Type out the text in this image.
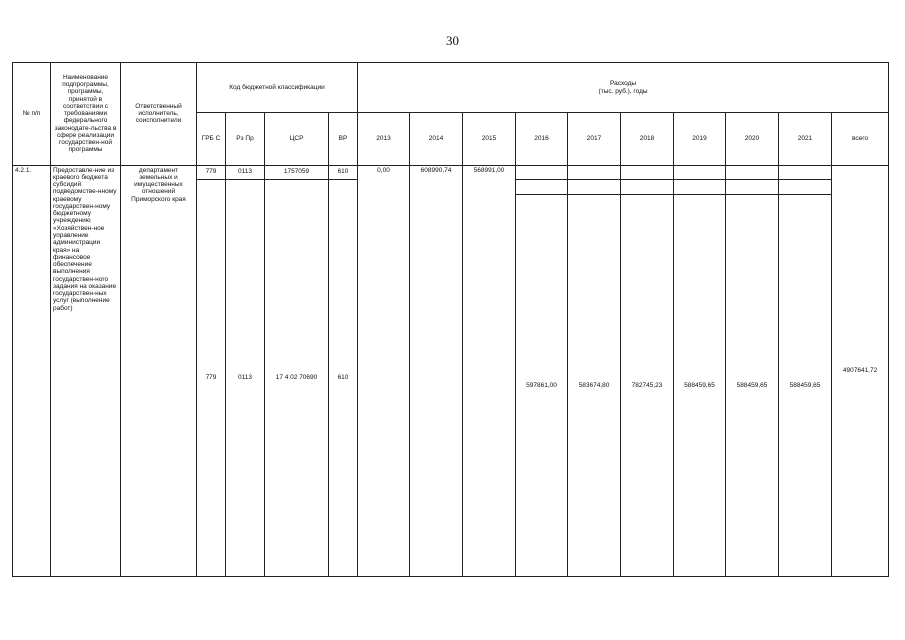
30
№ п/п	Наименование подпрограммы, программы, принятой в соответствии с требованиями федерального законодате-льства в сфере реализации государствен-ной программы	Ответственный исполнитель, соисполнители	Код бюджетной классификации				Расходы
(тыс. руб.), годы									

			ГРБ С	Рз Пр	ЦСР	ВР	2013	2014	2015	2016	2017	2018	2019	2020	2021	всего
4.2.1.	Предоставле-ние из краевого бюджета субсидий подведомстве-нному краевому государствен-ному бюджетному учреждению «Хозяйствен-ное управление администрации края» на финансовое обеспечение выполнения государствен-ного задания на оказание государствен-ных услуг (выполнение работ)	департамент земельных и имущественных отношений Приморского края	779	0113	1757059	610	0,00	608990,74	568991,00							4907641,72
			779	0113	17 4 02 70690	610										
										597861,00	583674,80	782745,23	588459,65	588459,65	588459,65	
